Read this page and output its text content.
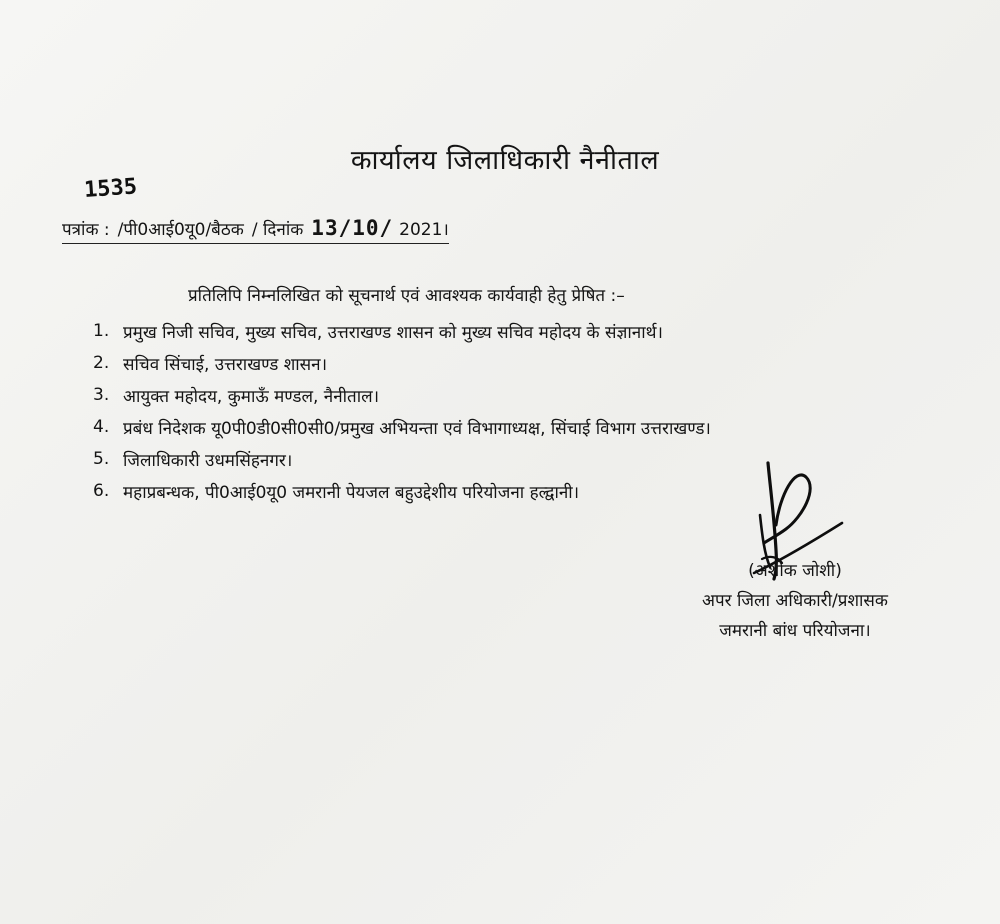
कार्यालय जिलाधिकारी नैनीताल
1535
पत्रांक : /पी0आई0यू0/बैठक / दिनांक 13/10/ 2021।
प्रतिलिपि निम्नलिखित को सूचनार्थ एवं आवश्यक कार्यवाही हेतु प्रेषित :–
1. प्रमुख निजी सचिव, मुख्य सचिव, उत्तराखण्ड शासन को मुख्य सचिव महोदय के संज्ञानार्थ।
2. सचिव सिंचाई, उत्तराखण्ड शासन।
3. आयुक्त महोदय, कुमाऊँ मण्डल, नैनीताल।
4. प्रबंध निदेशक यू0पी0डी0सी0सी0/प्रमुख अभियन्ता एवं विभागाध्यक्ष, सिंचाई विभाग उत्तराखण्ड।
5. जिलाधिकारी उधमसिंहनगर।
6. महाप्रबन्धक, पी0आई0यू0 जमरानी पेयजल बहुउद्देशीय परियोजना हल्द्वानी।
(अशोक जोशी)
अपर जिला अधिकारी/प्रशासक
जमरानी बांध परियोजना।
